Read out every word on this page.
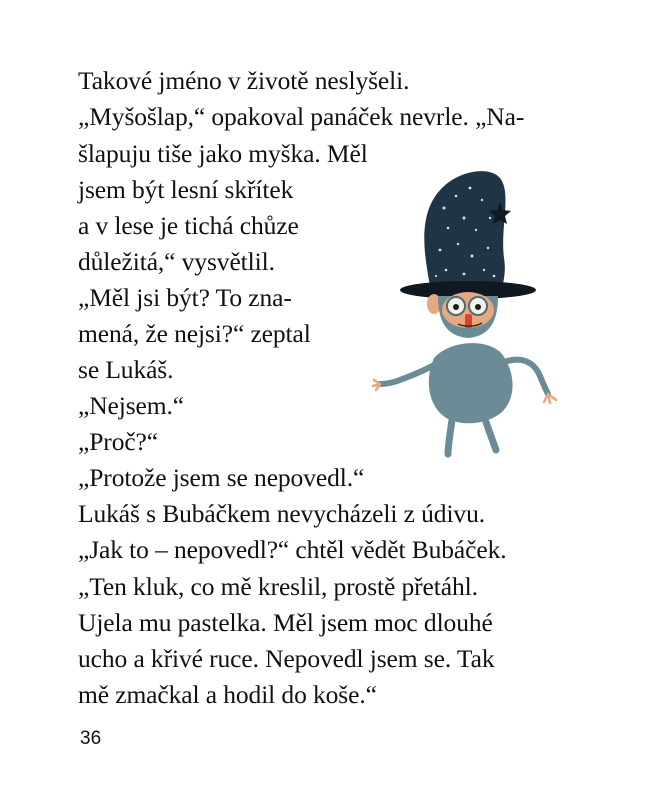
Takové jméno v životě neslyšeli.
„Myšošlap,“ opakoval panáček nevrle. „Na-
šlapuju tiše jako myška. Měl
jsem být lesní skřítek
a v lese je tichá chůze
důležitá,“ vysvětlil.
„Měl jsi být? To zna-
mená, že nejsi?“ zeptal
se Lukáš.
„Nejsem.“
„Proč?“
„Protože jsem se nepovedl.“
Lukáš s Bubáčkem nevycházeli z údivu.
„Jak to – nepovedl?“ chtěl vědět Bubáček.
„Ten kluk, co mě kreslil, prostě přetáhl.
Ujela mu pastelka. Měl jsem moc dlouhé
ucho a křivé ruce. Nepovedl jsem se. Tak
mě zmačkal a hodil do koše.“
36
